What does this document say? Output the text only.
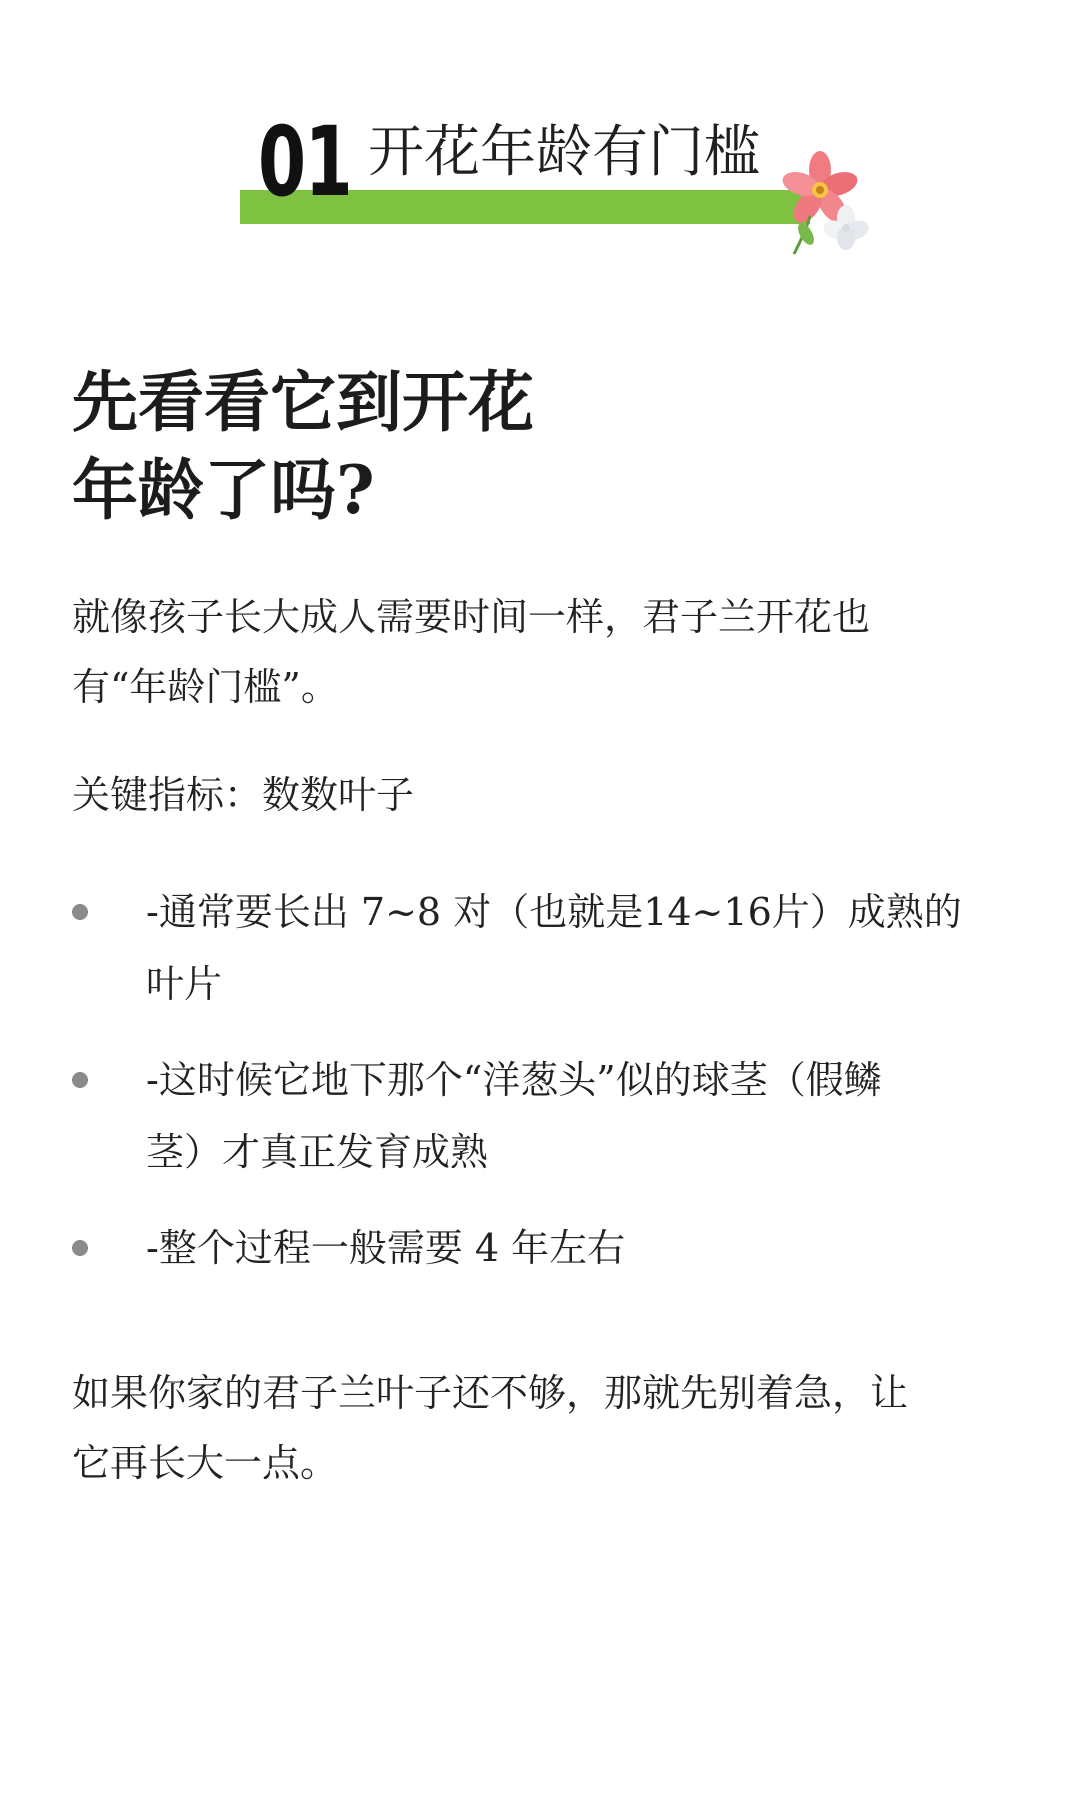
01 开花年龄有门槛
先看看它到开花
年龄了吗?

就像孩子长大成人需要时间一样，君子兰开花也
有“年龄门槛”。

关键指标：数数叶子

-通常要长出 7~8 对（也就是14~16片）成熟的
叶片
-这时候它地下那个“洋葱头”似的球茎（假鳞
茎）才真正发育成熟
-整个过程一般需要 4 年左右

如果你家的君子兰叶子还不够，那就先别着急，让
它再长大一点。
